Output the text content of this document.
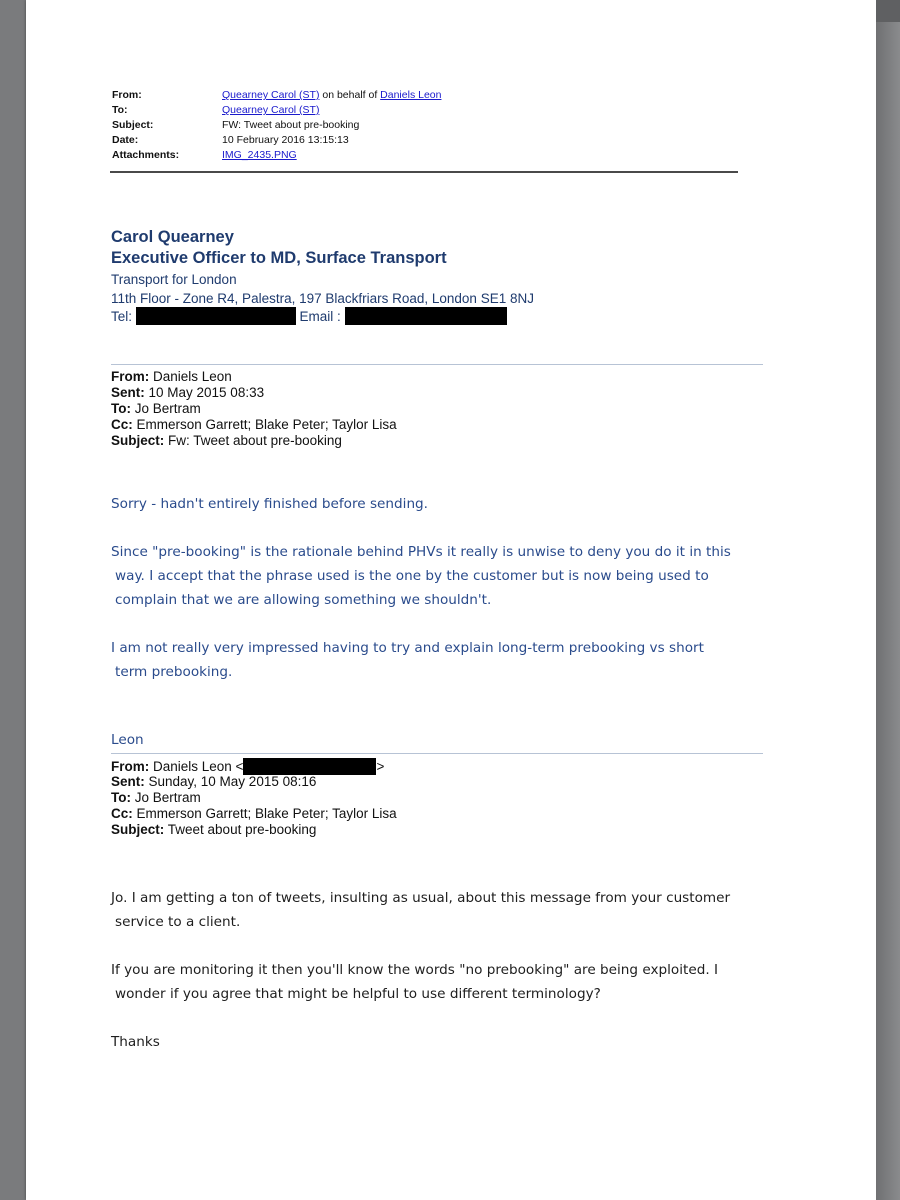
From:	Quearney Carol (ST) on behalf of Daniels Leon
To:	Quearney Carol (ST)
Subject:	FW: Tweet about pre-booking
Date:	10 February 2016 13:15:13
Attachments:	IMG_2435.PNG
Carol Quearney
Executive Officer to MD, Surface Transport
Transport for London
11th Floor - Zone R4, Palestra, 197 Blackfriars Road, London SE1 8NJ
Tel:	Email :
From: Daniels Leon
Sent: 10 May 2015 08:33
To: Jo Bertram
Cc: Emmerson Garrett; Blake Peter; Taylor Lisa
Subject: Fw: Tweet about pre-booking

Sorry - hadn't entirely finished before sending.

Since "pre-booking" is the rationale behind PHVs it really is unwise to deny you do it in this

way. I accept that the phrase used is the one by the customer but is now being used to

complain that we are allowing something we shouldn't.

I am not really very impressed having to try and explain long-term prebooking vs short

term prebooking.

Leon
From: Daniels Leon <	>
Sent: Sunday, 10 May 2015 08:16
To: Jo Bertram
Cc: Emmerson Garrett; Blake Peter; Taylor Lisa
Subject: Tweet about pre-booking

Jo. I am getting a ton of tweets, insulting as usual, about this message from your customer

service to a client.

If you are monitoring it then you'll know the words "no prebooking" are being exploited. I

wonder if you agree that might be helpful to use different terminology?

Thanks
